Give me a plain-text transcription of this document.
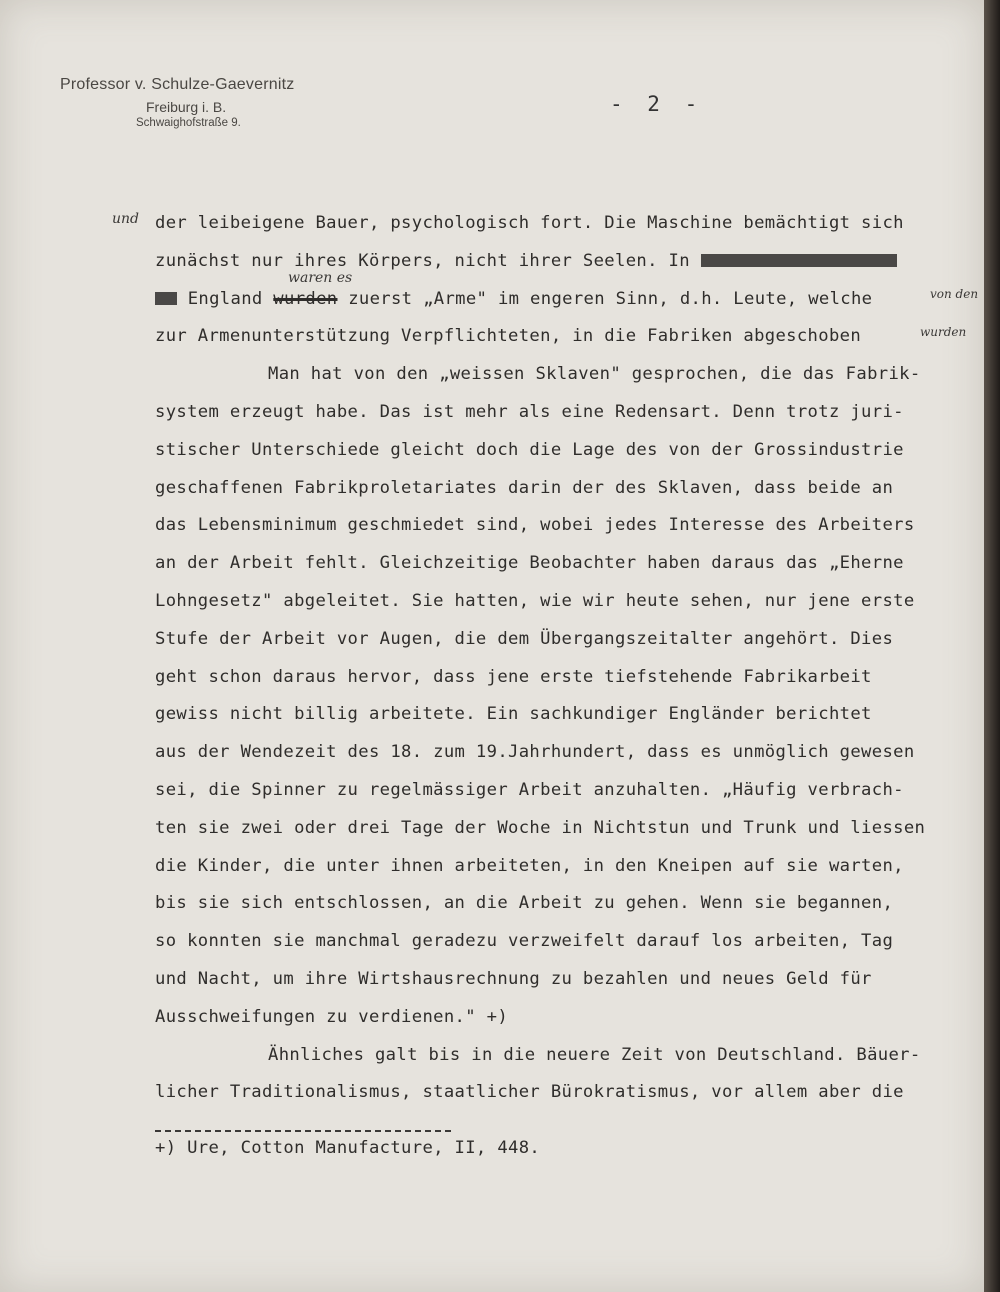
Professor v. Schulze-Gaevernitz
Freiburg i. B.
Schwaighofstraße 9.
- 2 -
und
waren es
von den
wurden
der leibeigene Bauer, psychologisch fort. Die Maschine bemächtigt sich
zunächst nur ihres Körpers, nicht ihrer Seelen. In
England wurden zuerst „Arme" im engeren Sinn, d.h. Leute, welche
zur Armenunterstützung Verpflichteten, in die Fabriken abgeschoben
Man hat von den „weissen Sklaven" gesprochen, die das Fabrik-
system erzeugt habe. Das ist mehr als eine Redensart. Denn trotz juri-
stischer Unterschiede gleicht doch die Lage des von der Grossindustrie
geschaffenen Fabrikproletariates darin der des Sklaven, dass beide an
das Lebensminimum geschmiedet sind, wobei jedes Interesse des Arbeiters
an der Arbeit fehlt. Gleichzeitige Beobachter haben daraus das „Eherne
Lohngesetz" abgeleitet. Sie hatten, wie wir heute sehen, nur jene erste
Stufe der Arbeit vor Augen, die dem Übergangszeitalter angehört. Dies
geht schon daraus hervor, dass jene erste tiefstehende Fabrikarbeit
gewiss nicht billig arbeitete. Ein sachkundiger Engländer berichtet
aus der Wendezeit des 18. zum 19.Jahrhundert, dass es unmöglich gewesen
sei, die Spinner zu regelmässiger Arbeit anzuhalten. „Häufig verbrach-
ten sie zwei oder drei Tage der Woche in Nichtstun und Trunk und liessen
die Kinder, die unter ihnen arbeiteten, in den Kneipen auf sie warten,
bis sie sich entschlossen, an die Arbeit zu gehen. Wenn sie begannen,
so konnten sie manchmal geradezu verzweifelt darauf los arbeiten, Tag
und Nacht, um ihre Wirtshausrechnung zu bezahlen und neues Geld für
Ausschweifungen zu verdienen." +)
Ähnliches galt bis in die neuere Zeit von Deutschland. Bäuer-
licher Traditionalismus, staatlicher Bürokratismus, vor allem aber die
+) Ure, Cotton Manufacture, II, 448.
